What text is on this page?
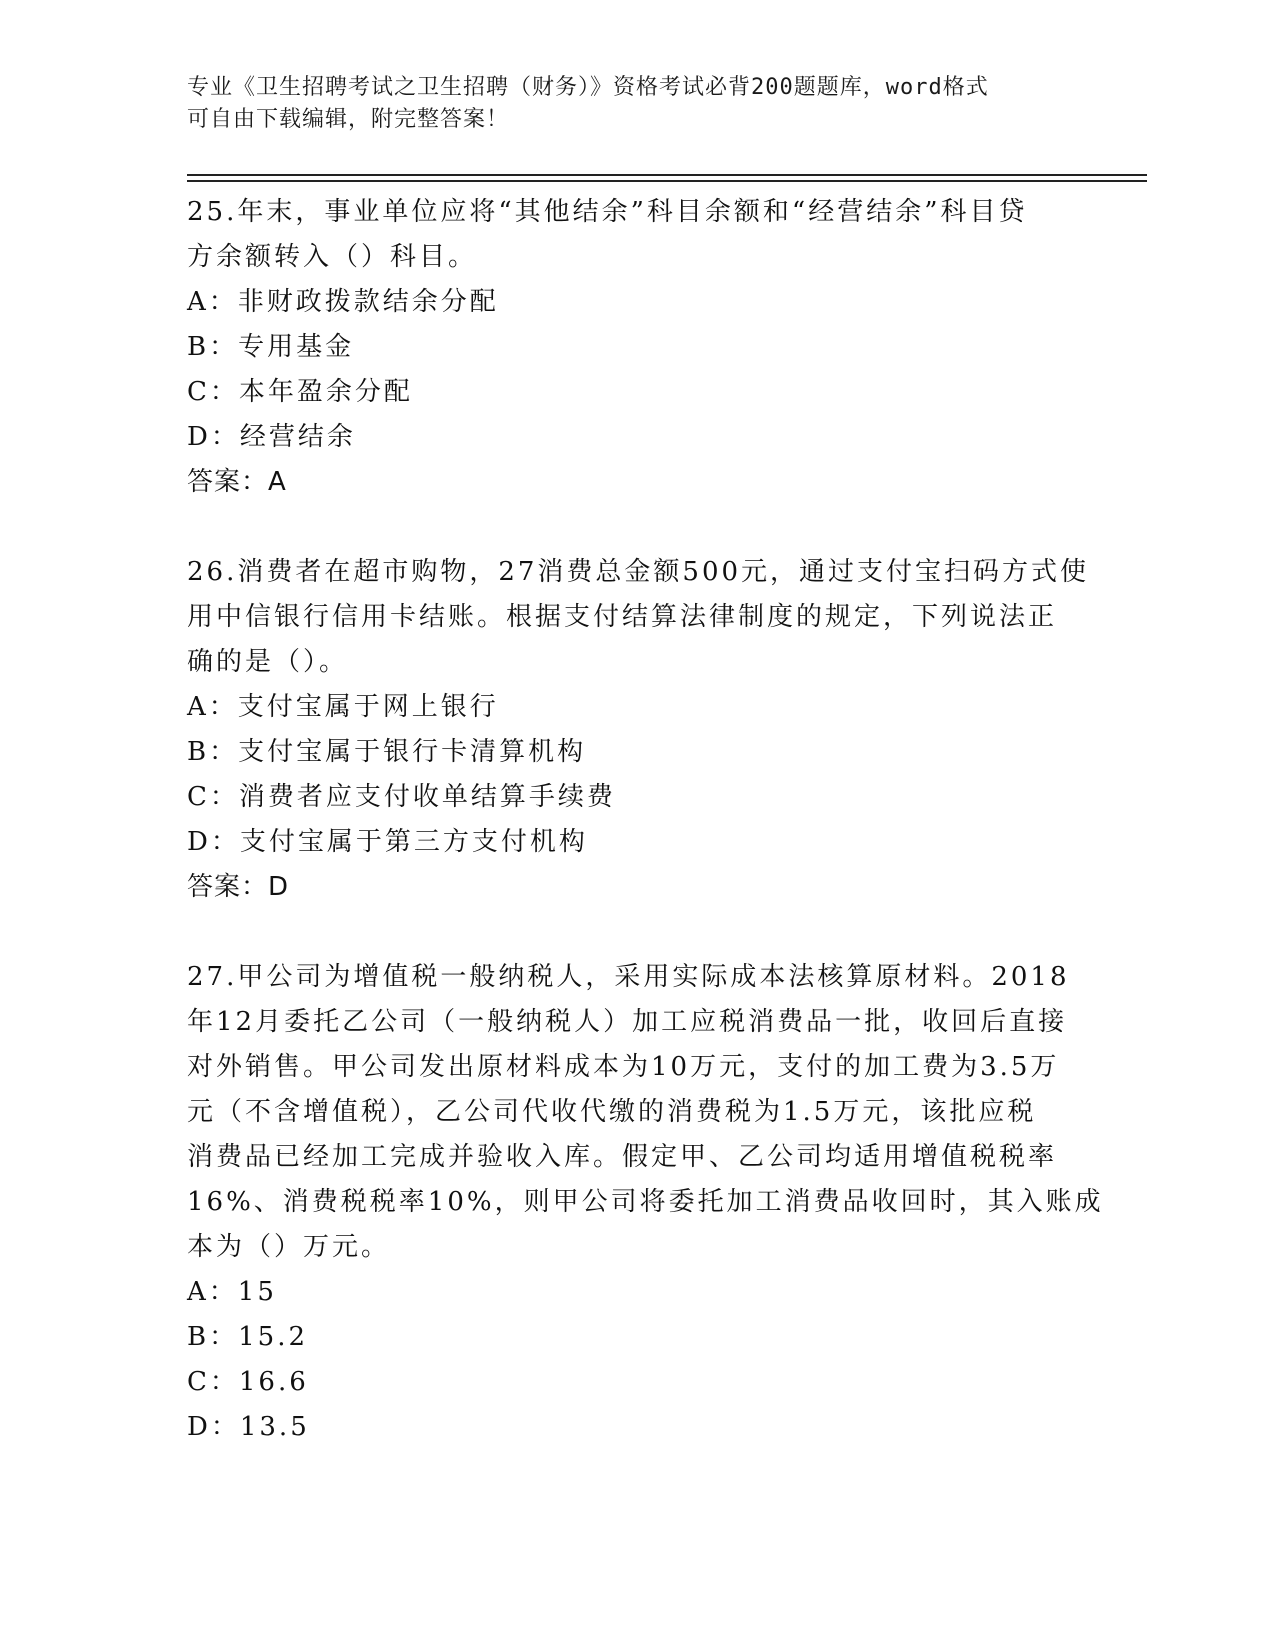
专业《卫生招聘考试之卫生招聘（财务）》资格考试必背200题题库，word格式
可自由下载编辑，附完整答案！
25.年末，事业单位应将“其他结余”科目余额和“经营结余”科目贷
方余额转入（）科目。
A：非财政拨款结余分配
B：专用基金
C：本年盈余分配
D：经营结余
答案：A
26.消费者在超市购物，27消费总金额500元，通过支付宝扫码方式使
用中信银行信用卡结账。根据支付结算法律制度的规定，下列说法正
确的是（）。
A：支付宝属于网上银行
B：支付宝属于银行卡清算机构
C：消费者应支付收单结算手续费
D：支付宝属于第三方支付机构
答案：D
27.甲公司为增值税一般纳税人，采用实际成本法核算原材料。2018
年12月委托乙公司（一般纳税人）加工应税消费品一批，收回后直接
对外销售。甲公司发出原材料成本为10万元，支付的加工费为3.5万
元（不含增值税），乙公司代收代缴的消费税为1.5万元，该批应税
消费品已经加工完成并验收入库。假定甲、乙公司均适用增值税税率
16%、消费税税率10%，则甲公司将委托加工消费品收回时，其入账成
本为（）万元。
A：15
B：15.2
C：16.6
D：13.5
